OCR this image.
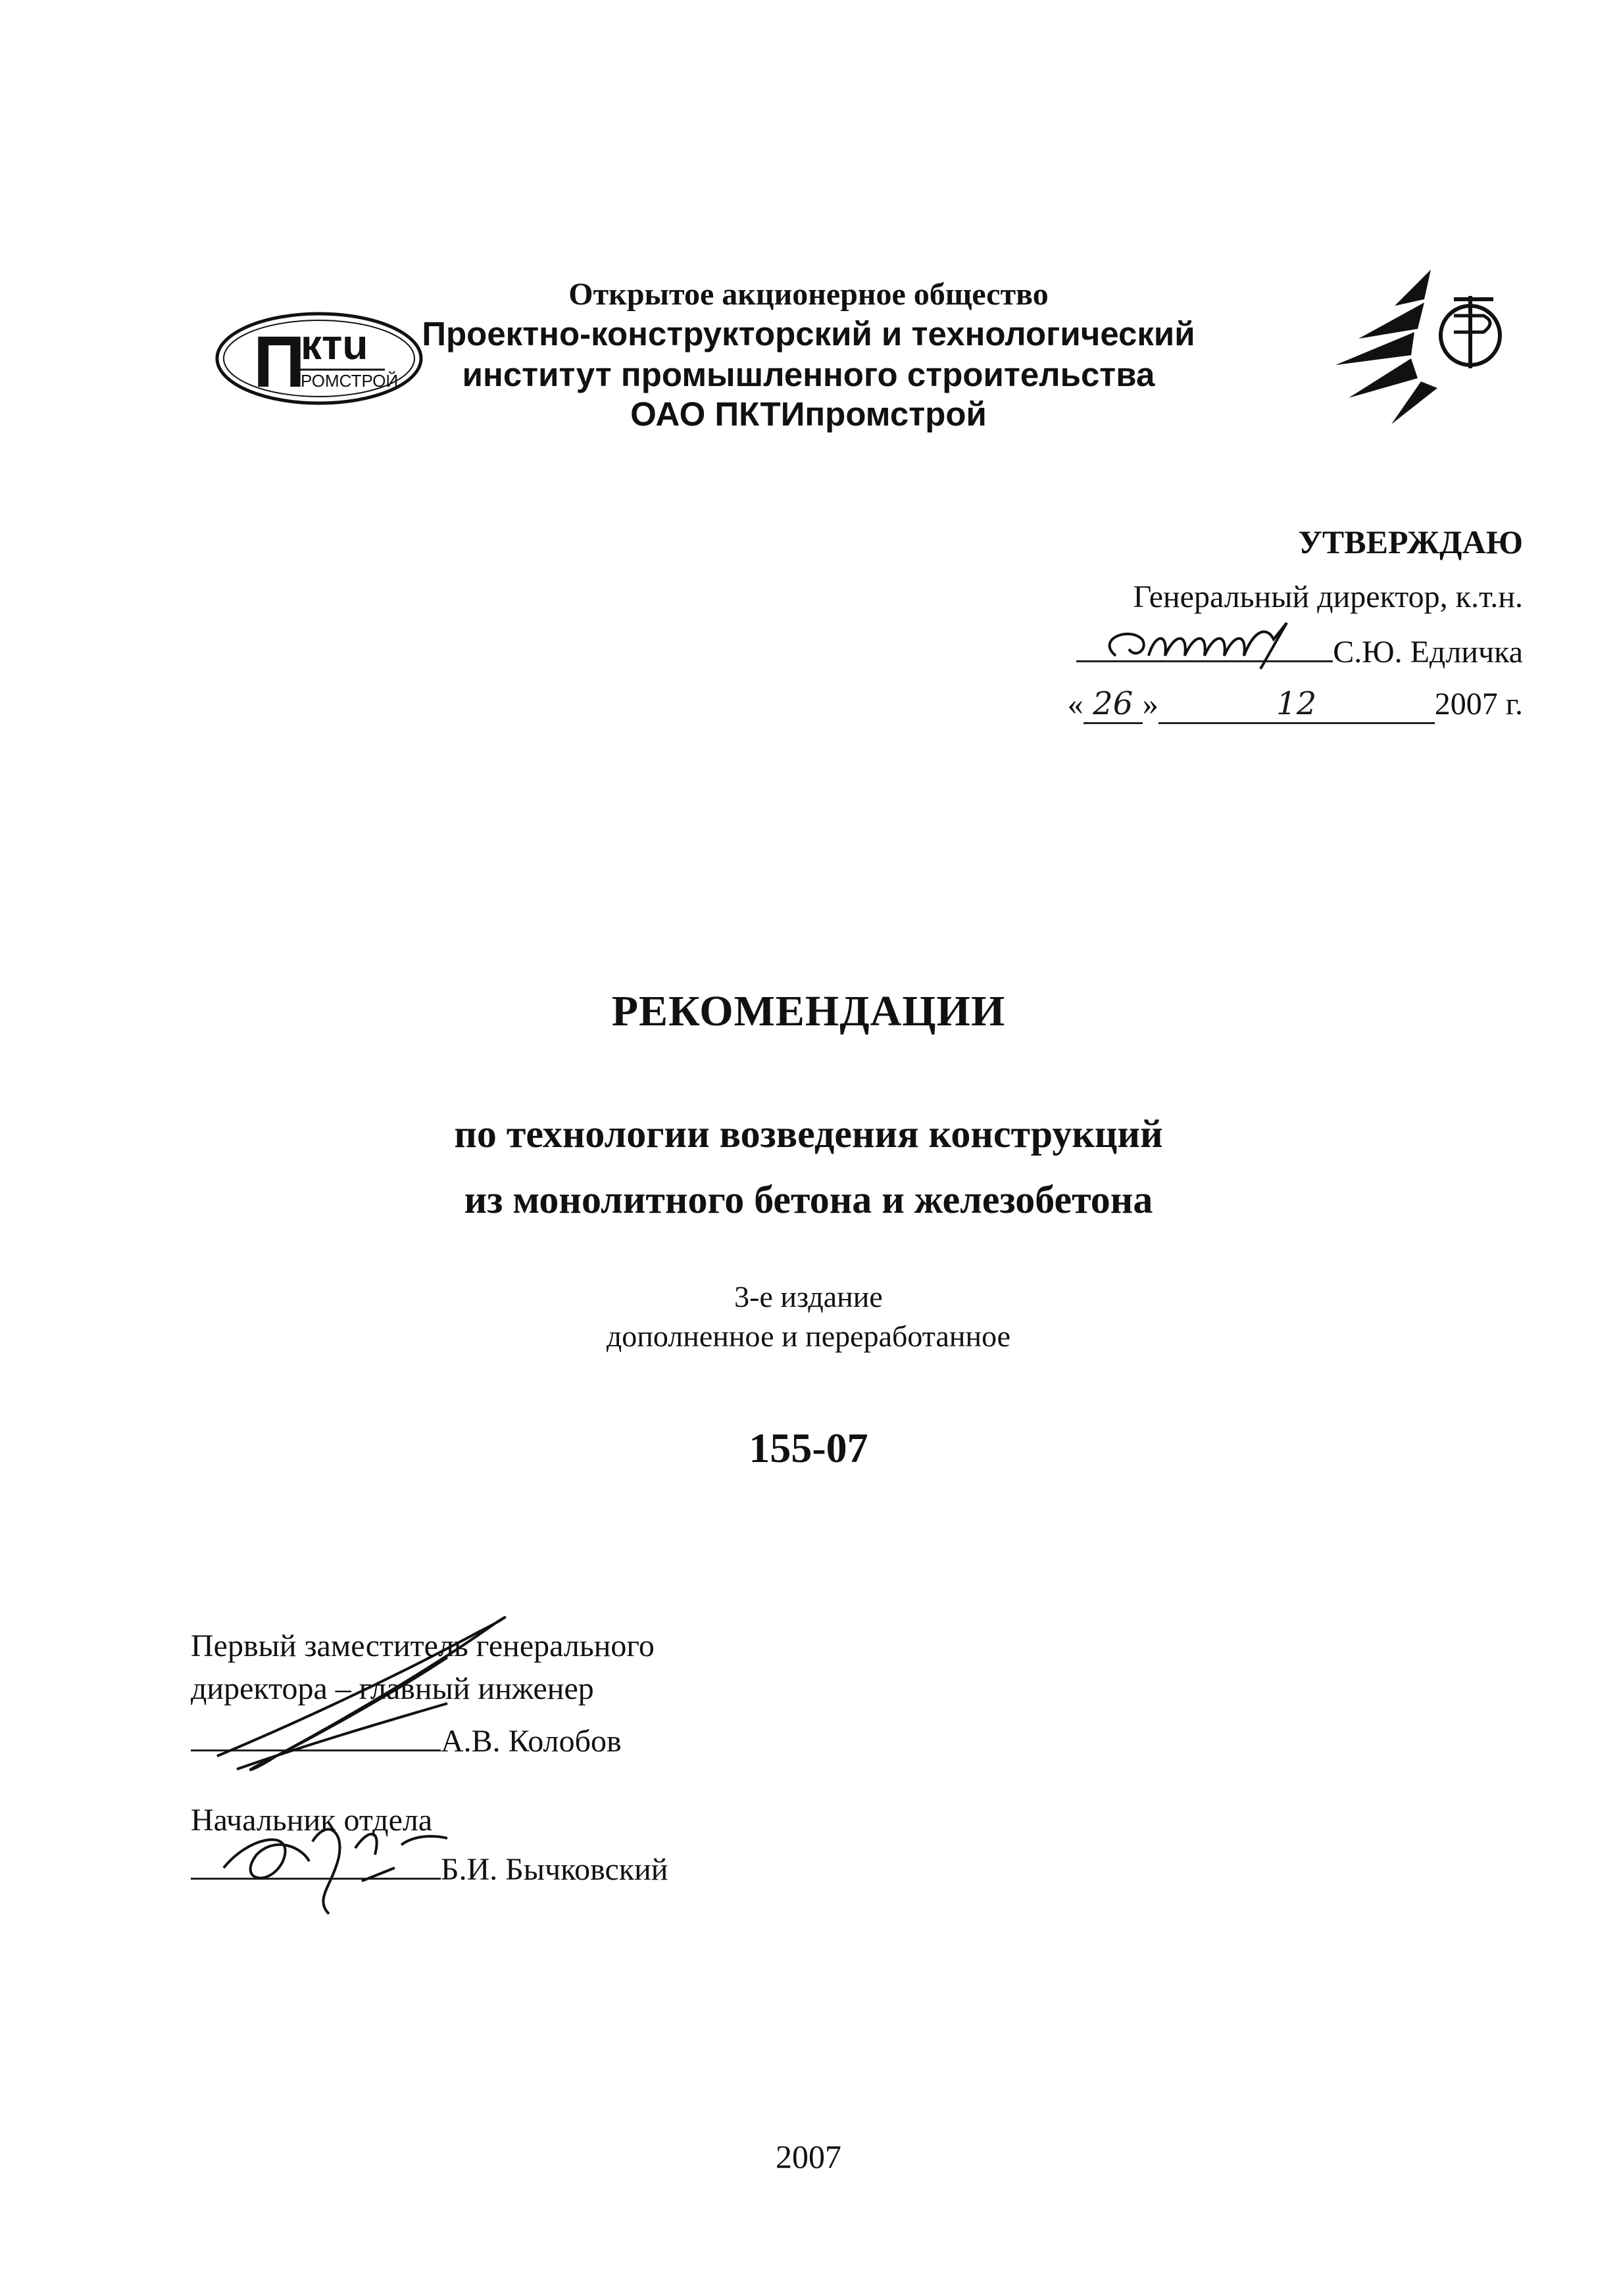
П
ктu
РОМСТРОЙ
Открытое акционерное общество
Проектно-конструкторский и технологический
институт промышленного строительства
ОАО ПКТИпромстрой
УТВЕРЖДАЮ
Генеральный директор, к.т.н.
С.Ю. Едличка
« 26 »	12	2007 г.
РЕКОМЕНДАЦИИ
по технологии возведения конструкций
из монолитного бетона и железобетона
3-е издание
дополненное и переработанное
155-07
Первый заместитель генерального
директора – главный инженер
А.В. Колобов
Начальник отдела
Б.И. Бычковский
2007
